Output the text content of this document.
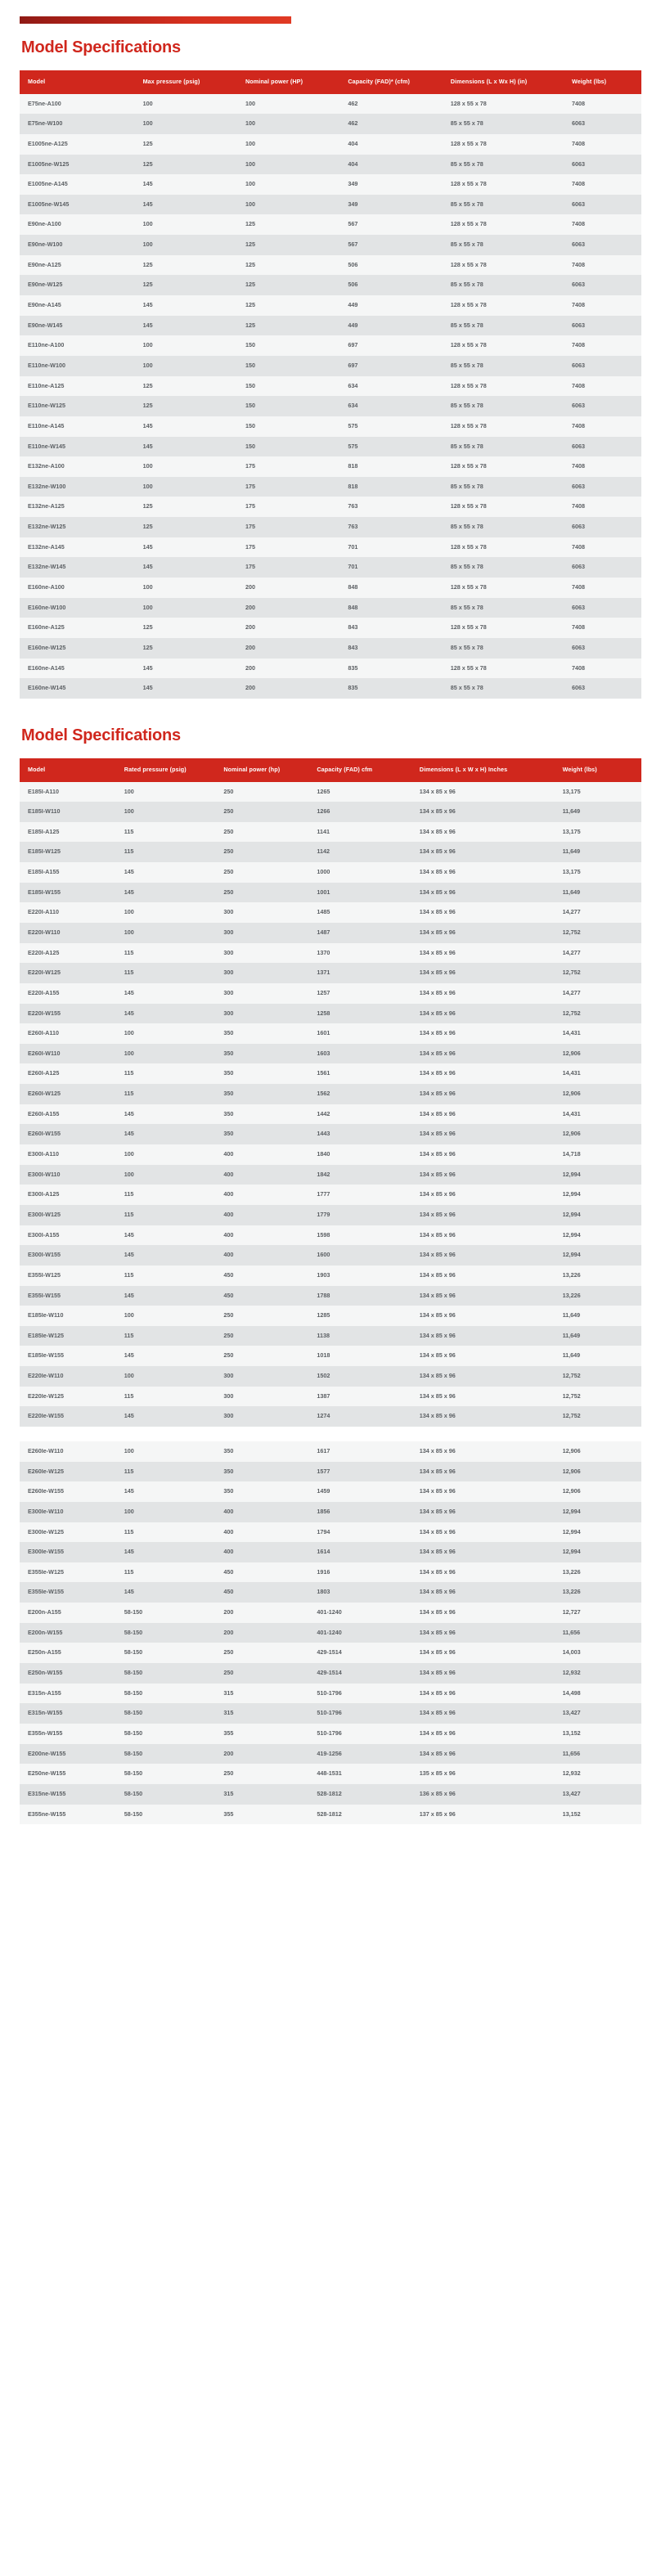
Model Specifications
Model	Max pressure (psig)	Nominal power (HP)	Capacity (FAD)* (cfm)	Dimensions (L x Wx H) (in)	Weight (lbs)
E75ne-A100	100	100	462	128 x 55 x 78	7408
E75ne-W100	100	100	462	85 x 55 x 78	6063
E1005ne-A125	125	100	404	128 x 55 x 78	7408
E1005ne-W125	125	100	404	85 x 55 x 78	6063
E1005ne-A145	145	100	349	128 x 55 x 78	7408
E1005ne-W145	145	100	349	85 x 55 x 78	6063
E90ne-A100	100	125	567	128 x 55 x 78	7408
E90ne-W100	100	125	567	85 x 55 x 78	6063
E90ne-A125	125	125	506	128 x 55 x 78	7408
E90ne-W125	125	125	506	85 x 55 x 78	6063
E90ne-A145	145	125	449	128 x 55 x 78	7408
E90ne-W145	145	125	449	85 x 55 x 78	6063
E110ne-A100	100	150	697	128 x 55 x 78	7408
E110ne-W100	100	150	697	85 x 55 x 78	6063
E110ne-A125	125	150	634	128 x 55 x 78	7408
E110ne-W125	125	150	634	85 x 55 x 78	6063
E110ne-A145	145	150	575	128 x 55 x 78	7408
E110ne-W145	145	150	575	85 x 55 x 78	6063
E132ne-A100	100	175	818	128 x 55 x 78	7408
E132ne-W100	100	175	818	85 x 55 x 78	6063
E132ne-A125	125	175	763	128 x 55 x 78	7408
E132ne-W125	125	175	763	85 x 55 x 78	6063
E132ne-A145	145	175	701	128 x 55 x 78	7408
E132ne-W145	145	175	701	85 x 55 x 78	6063
E160ne-A100	100	200	848	128 x 55 x 78	7408
E160ne-W100	100	200	848	85 x 55 x 78	6063
E160ne-A125	125	200	843	128 x 55 x 78	7408
E160ne-W125	125	200	843	85 x 55 x 78	6063
E160ne-A145	145	200	835	128 x 55 x 78	7408
E160ne-W145	145	200	835	85 x 55 x 78	6063
Model Specifications
Model	Rated pressure (psig)	Nominal power (hp)	Capacity (FAD) cfm	Dimensions (L x W x H) Inches	Weight (lbs)
E185I-A110	100	250	1265	134 x 85 x 96	13,175
E185I-W110	100	250	1266	134 x 85 x 96	11,649
E185I-A125	115	250	1141	134 x 85 x 96	13,175
E185I-W125	115	250	1142	134 x 85 x 96	11,649
E185I-A155	145	250	1000	134 x 85 x 96	13,175
E185I-W155	145	250	1001	134 x 85 x 96	11,649
E220I-A110	100	300	1485	134 x 85 x 96	14,277
E220I-W110	100	300	1487	134 x 85 x 96	12,752
E220I-A125	115	300	1370	134 x 85 x 96	14,277
E220I-W125	115	300	1371	134 x 85 x 96	12,752
E220I-A155	145	300	1257	134 x 85 x 96	14,277
E220I-W155	145	300	1258	134 x 85 x 96	12,752
E260I-A110	100	350	1601	134 x 85 x 96	14,431
E260I-W110	100	350	1603	134 x 85 x 96	12,906
E260I-A125	115	350	1561	134 x 85 x 96	14,431
E260I-W125	115	350	1562	134 x 85 x 96	12,906
E260I-A155	145	350	1442	134 x 85 x 96	14,431
E260I-W155	145	350	1443	134 x 85 x 96	12,906
E300I-A110	100	400	1840	134 x 85 x 96	14,718
E300I-W110	100	400	1842	134 x 85 x 96	12,994
E300I-A125	115	400	1777	134 x 85 x 96	12,994
E300I-W125	115	400	1779	134 x 85 x 96	12,994
E300I-A155	145	400	1598	134 x 85 x 96	12,994
E300I-W155	145	400	1600	134 x 85 x 96	12,994
E355I-W125	115	450	1903	134 x 85 x 96	13,226
E355I-W155	145	450	1788	134 x 85 x 96	13,226
E185Ie-W110	100	250	1285	134 x 85 x 96	11,649
E185Ie-W125	115	250	1138	134 x 85 x 96	11,649
E185Ie-W155	145	250	1018	134 x 85 x 96	11,649
E220Ie-W110	100	300	1502	134 x 85 x 96	12,752
E220Ie-W125	115	300	1387	134 x 85 x 96	12,752
E220Ie-W155	145	300	1274	134 x 85 x 96	12,752
E260Ie-W110	100	350	1617	134 x 85 x 96	12,906
E260Ie-W125	115	350	1577	134 x 85 x 96	12,906
E260Ie-W155	145	350	1459	134 x 85 x 96	12,906
E300Ie-W110	100	400	1856	134 x 85 x 96	12,994
E300Ie-W125	115	400	1794	134 x 85 x 96	12,994
E300Ie-W155	145	400	1614	134 x 85 x 96	12,994
E355Ie-W125	115	450	1916	134 x 85 x 96	13,226
E355Ie-W155	145	450	1803	134 x 85 x 96	13,226
E200n-A155	58-150	200	401-1240	134 x 85 x 96	12,727
E200n-W155	58-150	200	401-1240	134 x 85 x 96	11,656
E250n-A155	58-150	250	429-1514	134 x 85 x 96	14,003
E250n-W155	58-150	250	429-1514	134 x 85 x 96	12,932
E315n-A155	58-150	315	510-1796	134 x 85 x 96	14,498
E315n-W155	58-150	315	510-1796	134 x 85 x 96	13,427
E355n-W155	58-150	355	510-1796	134 x 85 x 96	13,152
E200ne-W155	58-150	200	419-1256	134 x 85 x 96	11,656
E250ne-W155	58-150	250	448-1531	135 x 85 x 96	12,932
E315ne-W155	58-150	315	528-1812	136 x 85 x 96	13,427
E355ne-W155	58-150	355	528-1812	137 x 85 x 96	13,152
